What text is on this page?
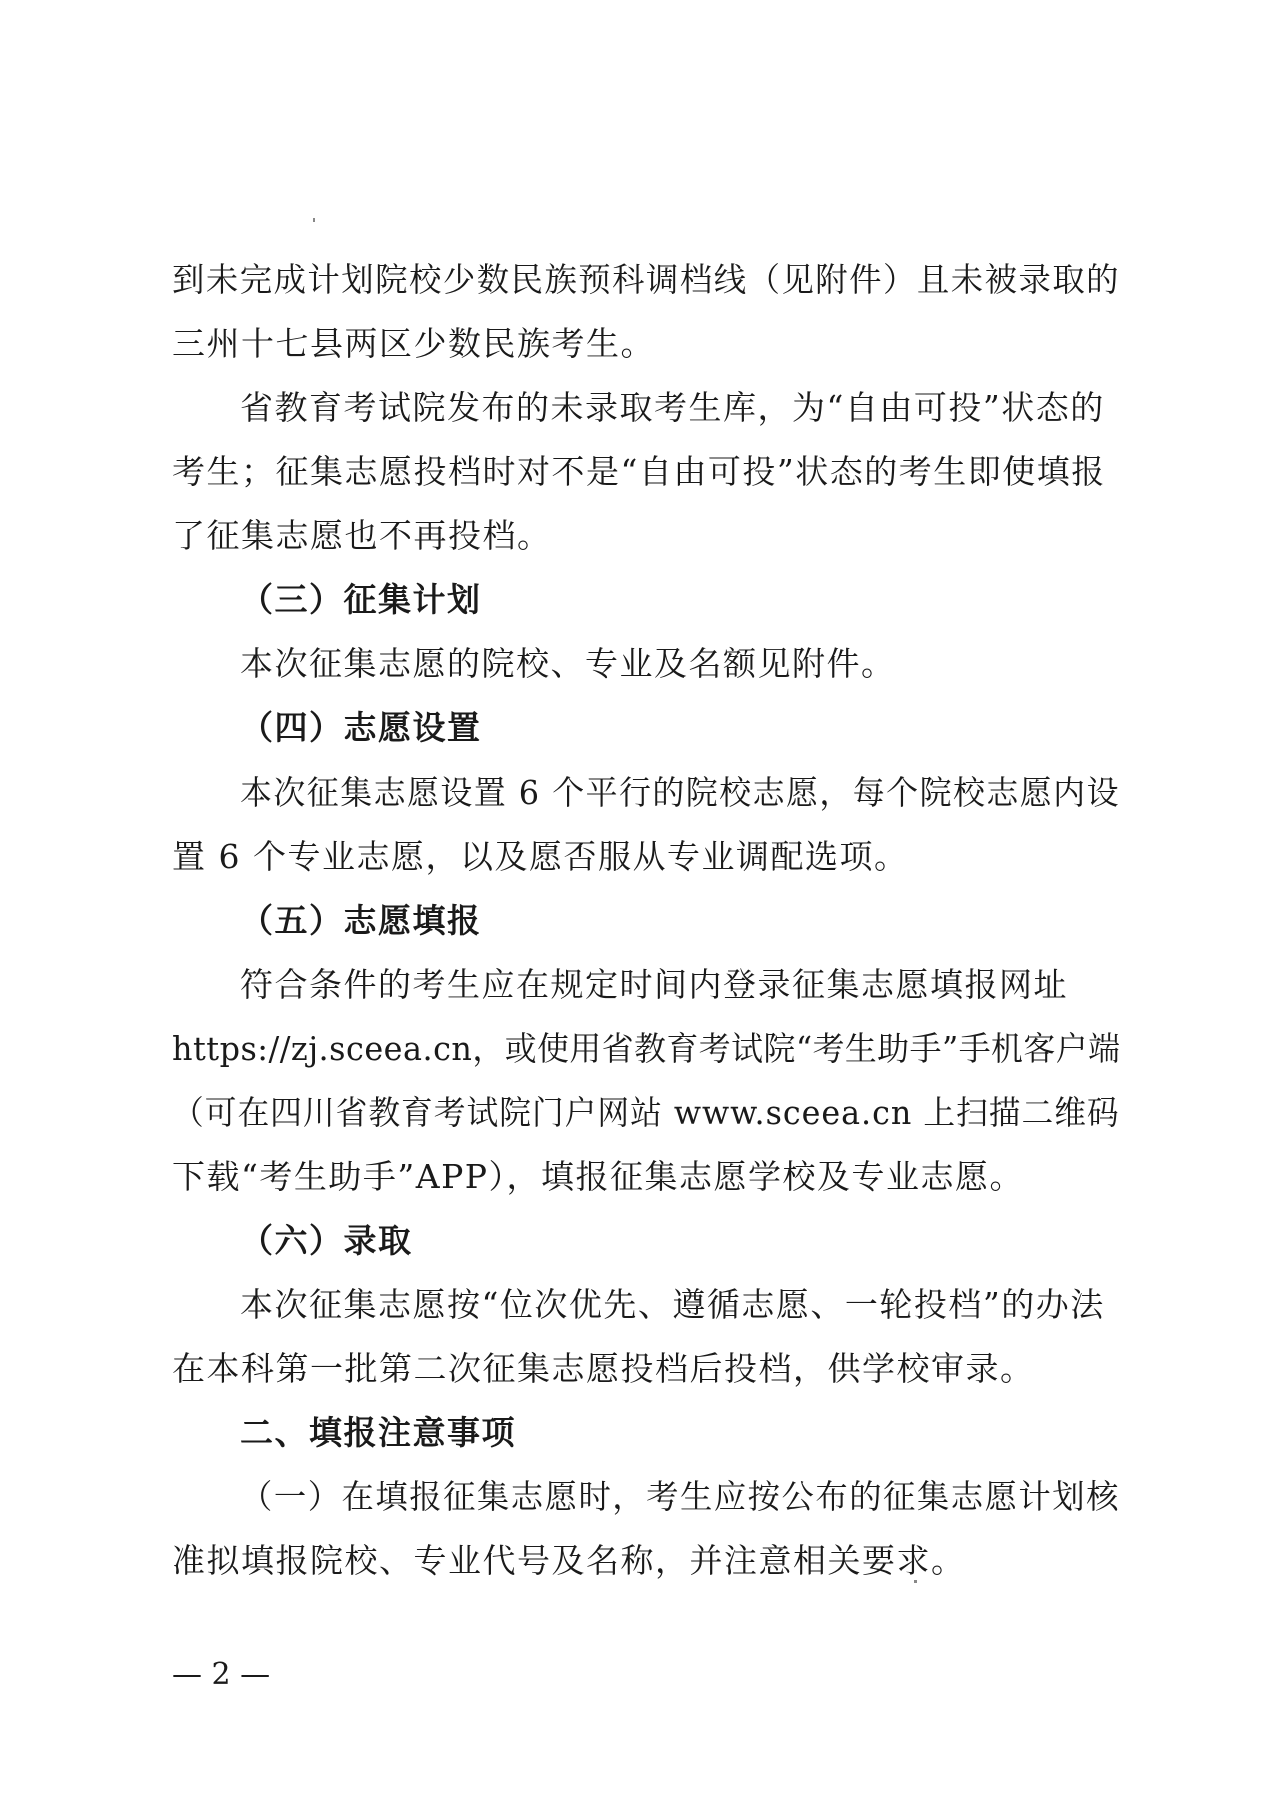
到未完成计划院校少数民族预科调档线（见附件）且未被录取的
三州十七县两区少数民族考生。
省教育考试院发布的未录取考生库，为“自由可投”状态的
考生；征集志愿投档时对不是“自由可投”状态的考生即使填报
了征集志愿也不再投档。
（三）征集计划
本次征集志愿的院校、专业及名额见附件。
（四）志愿设置
本次征集志愿设置 6 个平行的院校志愿，每个院校志愿内设
置 6 个专业志愿，以及愿否服从专业调配选项。
（五）志愿填报
符合条件的考生应在规定时间内登录征集志愿填报网址
https://zj.sceea.cn，或使用省教育考试院“考生助手”手机客户端
（可在四川省教育考试院门户网站 www.sceea.cn 上扫描二维码
下载“考生助手”APP），填报征集志愿学校及专业志愿。
（六）录取
本次征集志愿按“位次优先、遵循志愿、一轮投档”的办法
在本科第一批第二次征集志愿投档后投档，供学校审录。
二、填报注意事项
（一）在填报征集志愿时，考生应按公布的征集志愿计划核
准拟填报院校、专业代号及名称，并注意相关要求。
— 2 —
